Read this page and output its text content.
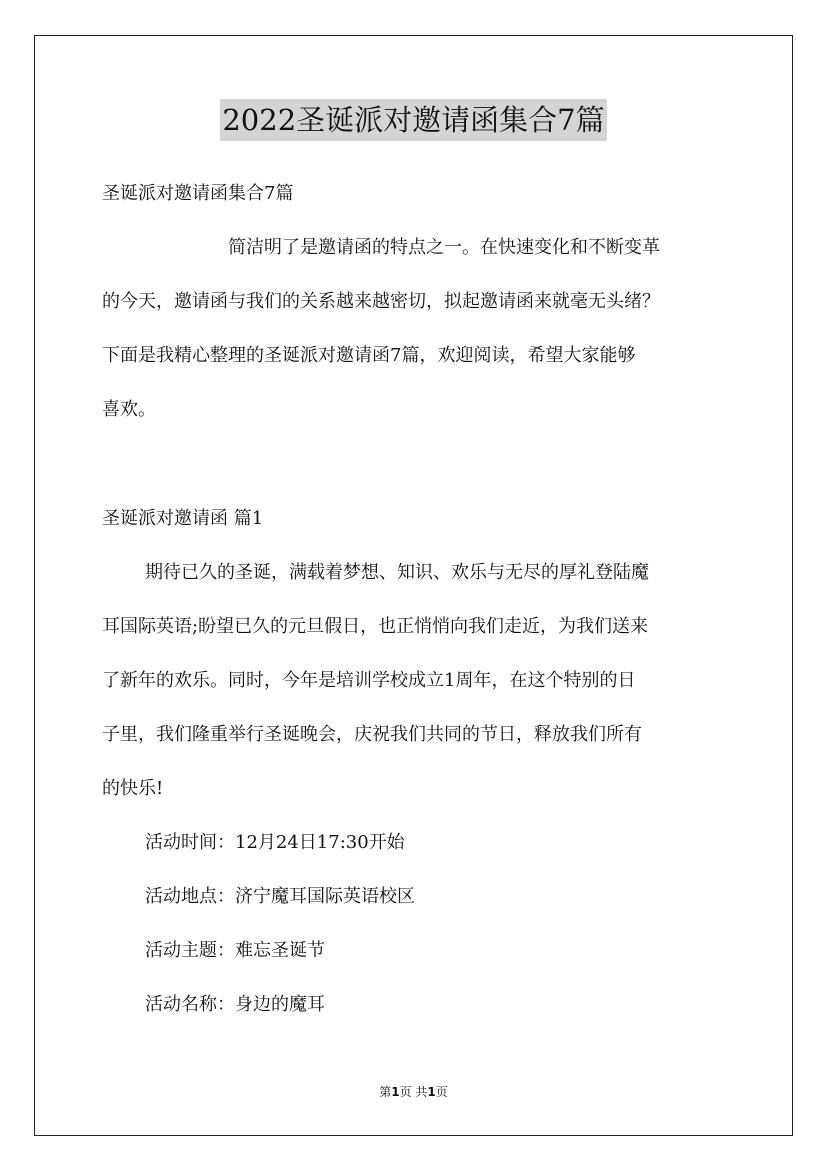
2022圣诞派对邀请函集合7篇
圣诞派对邀请函集合7篇
简洁明了是邀请函的特点之一。在快速变化和不断变革
的今天，邀请函与我们的关系越来越密切，拟起邀请函来就毫无头绪？
下面是我精心整理的圣诞派对邀请函7篇，欢迎阅读，希望大家能够
喜欢。
圣诞派对邀请函 篇1
期待已久的圣诞，满载着梦想、知识、欢乐与无尽的厚礼登陆魔
耳国际英语;盼望已久的元旦假日，也正悄悄向我们走近，为我们送来
了新年的欢乐。同时，今年是培训学校成立1周年，在这个特别的日
子里，我们隆重举行圣诞晚会，庆祝我们共同的节日，释放我们所有
的快乐!
活动时间：12月24日17:30开始
活动地点：济宁魔耳国际英语校区
活动主题：难忘圣诞节
活动名称：身边的魔耳
第1页 共1页
